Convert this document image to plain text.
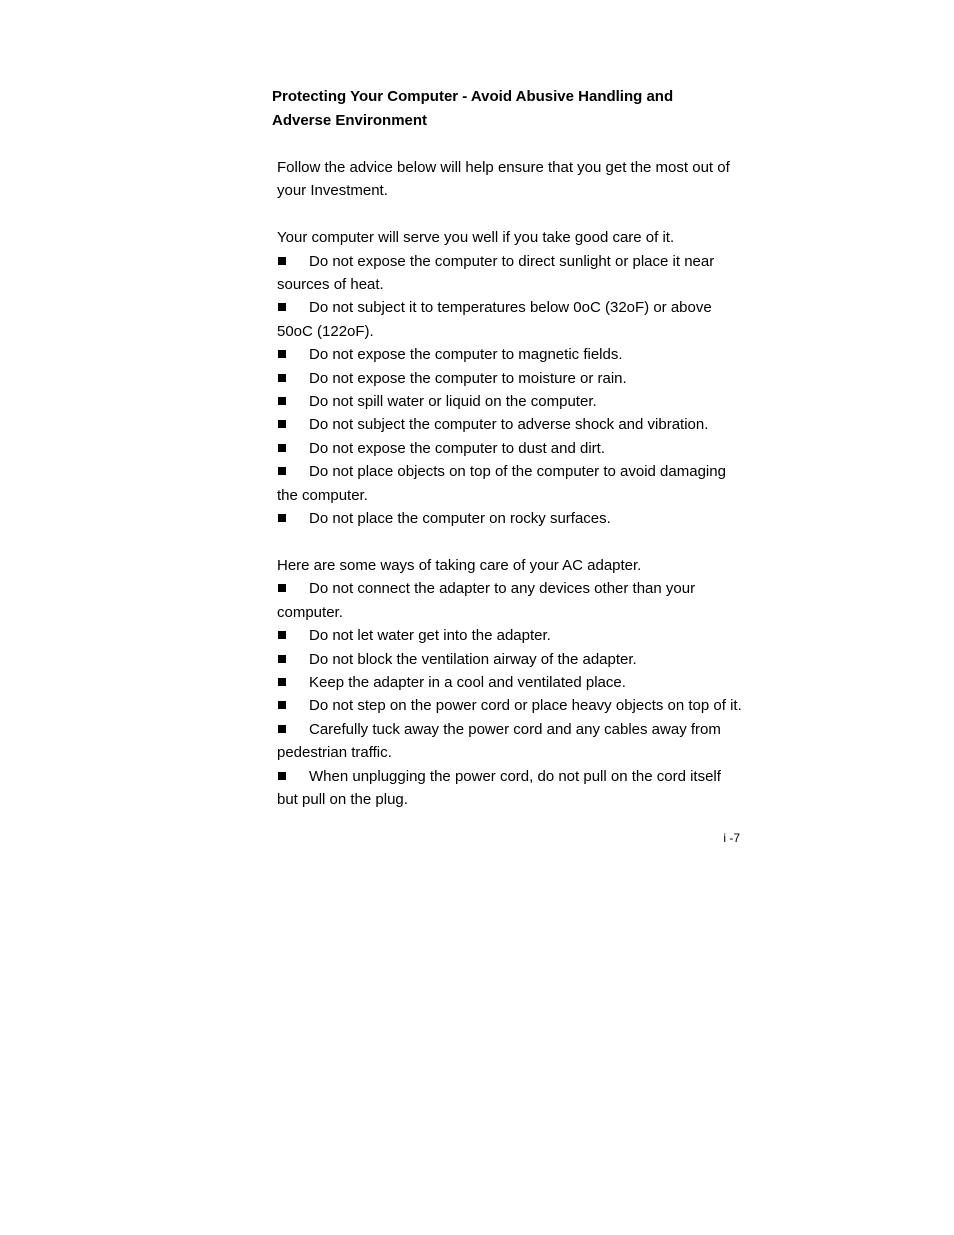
Protecting Your Computer - Avoid Abusive Handling and
Adverse Environment

Follow the advice below will help ensure that you get the most out of your Investment.

Your computer will serve you well if you take good care of it.

Do not expose the computer to direct sunlight or place it near sources of heat.
Do not subject it to temperatures below 0oC (32oF) or above 50oC (122oF).
Do not expose the computer to magnetic fields.
Do not expose the computer to moisture or rain.
Do not spill water or liquid on the computer.
Do not subject the computer to adverse shock and vibration.
Do not expose the computer to dust and dirt.
Do not place objects on top of the computer to avoid damaging the computer.
Do not place the computer on rocky surfaces.

Here are some ways of taking care of your AC adapter.

Do not connect the adapter to any devices other than your computer.
Do not let water get into the adapter.
Do not block the ventilation airway of the adapter.
Keep the adapter in a cool and ventilated place.
Do not step on the power cord or place heavy objects on top of it.
Carefully tuck away the power cord and any cables away from pedestrian traffic.
When unplugging the power cord, do not pull on the cord itself but pull on the plug.
i -7
